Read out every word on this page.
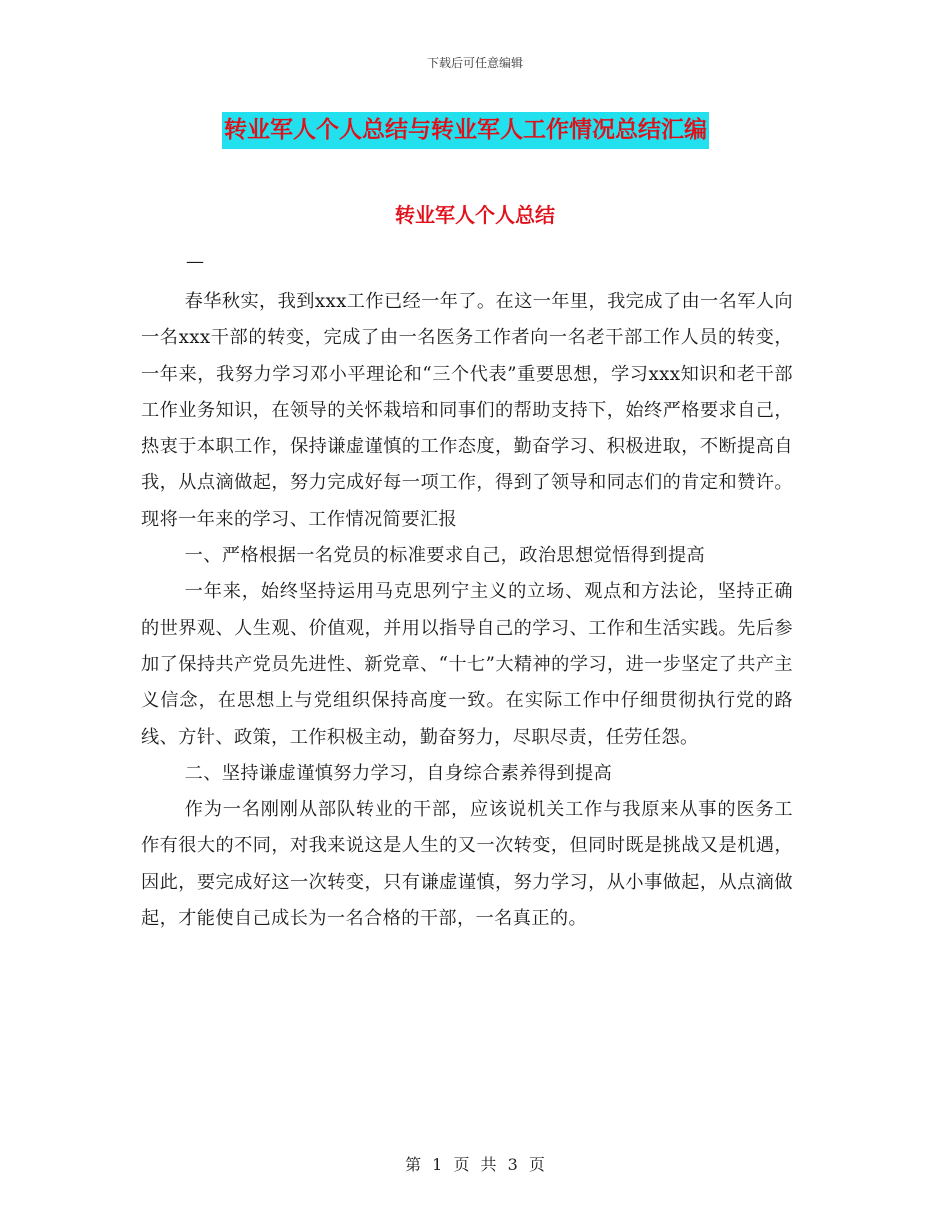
下载后可任意编辑
转业军人个人总结与转业军人工作情况总结汇编
转业军人个人总结
—

春华秋实，我到xxx工作已经一年了。在这一年里，我完成了由一名军人向一名xxx干部的转变，完成了由一名医务工作者向一名老干部工作人员的转变，一年来，我努力学习邓小平理论和“三个代表”重要思想，学习xxx知识和老干部工作业务知识，在领导的关怀栽培和同事们的帮助支持下，始终严格要求自己，热衷于本职工作，保持谦虚谨慎的工作态度，勤奋学习、积极进取，不断提高自我，从点滴做起，努力完成好每一项工作，得到了领导和同志们的肯定和赞许。现将一年来的学习、工作情况简要汇报

一、严格根据一名党员的标准要求自己，政治思想觉悟得到提高

一年来，始终坚持运用马克思列宁主义的立场、观点和方法论，坚持正确的世界观、人生观、价值观，并用以指导自己的学习、工作和生活实践。先后参加了保持共产党员先进性、新党章、“十七”大精神的学习，进一步坚定了共产主义信念，在思想上与党组织保持高度一致。在实际工作中仔细贯彻执行党的路线、方针、政策，工作积极主动，勤奋努力，尽职尽责，任劳任怨。

二、坚持谦虚谨慎努力学习，自身综合素养得到提高

作为一名刚刚从部队转业的干部，应该说机关工作与我原来从事的医务工作有很大的不同，对我来说这是人生的又一次转变，但同时既是挑战又是机遇，因此，要完成好这一次转变，只有谦虚谨慎，努力学习，从小事做起，从点滴做起，才能使自己成长为一名合格的干部，一名真正的。

第 1 页 共 3 页
